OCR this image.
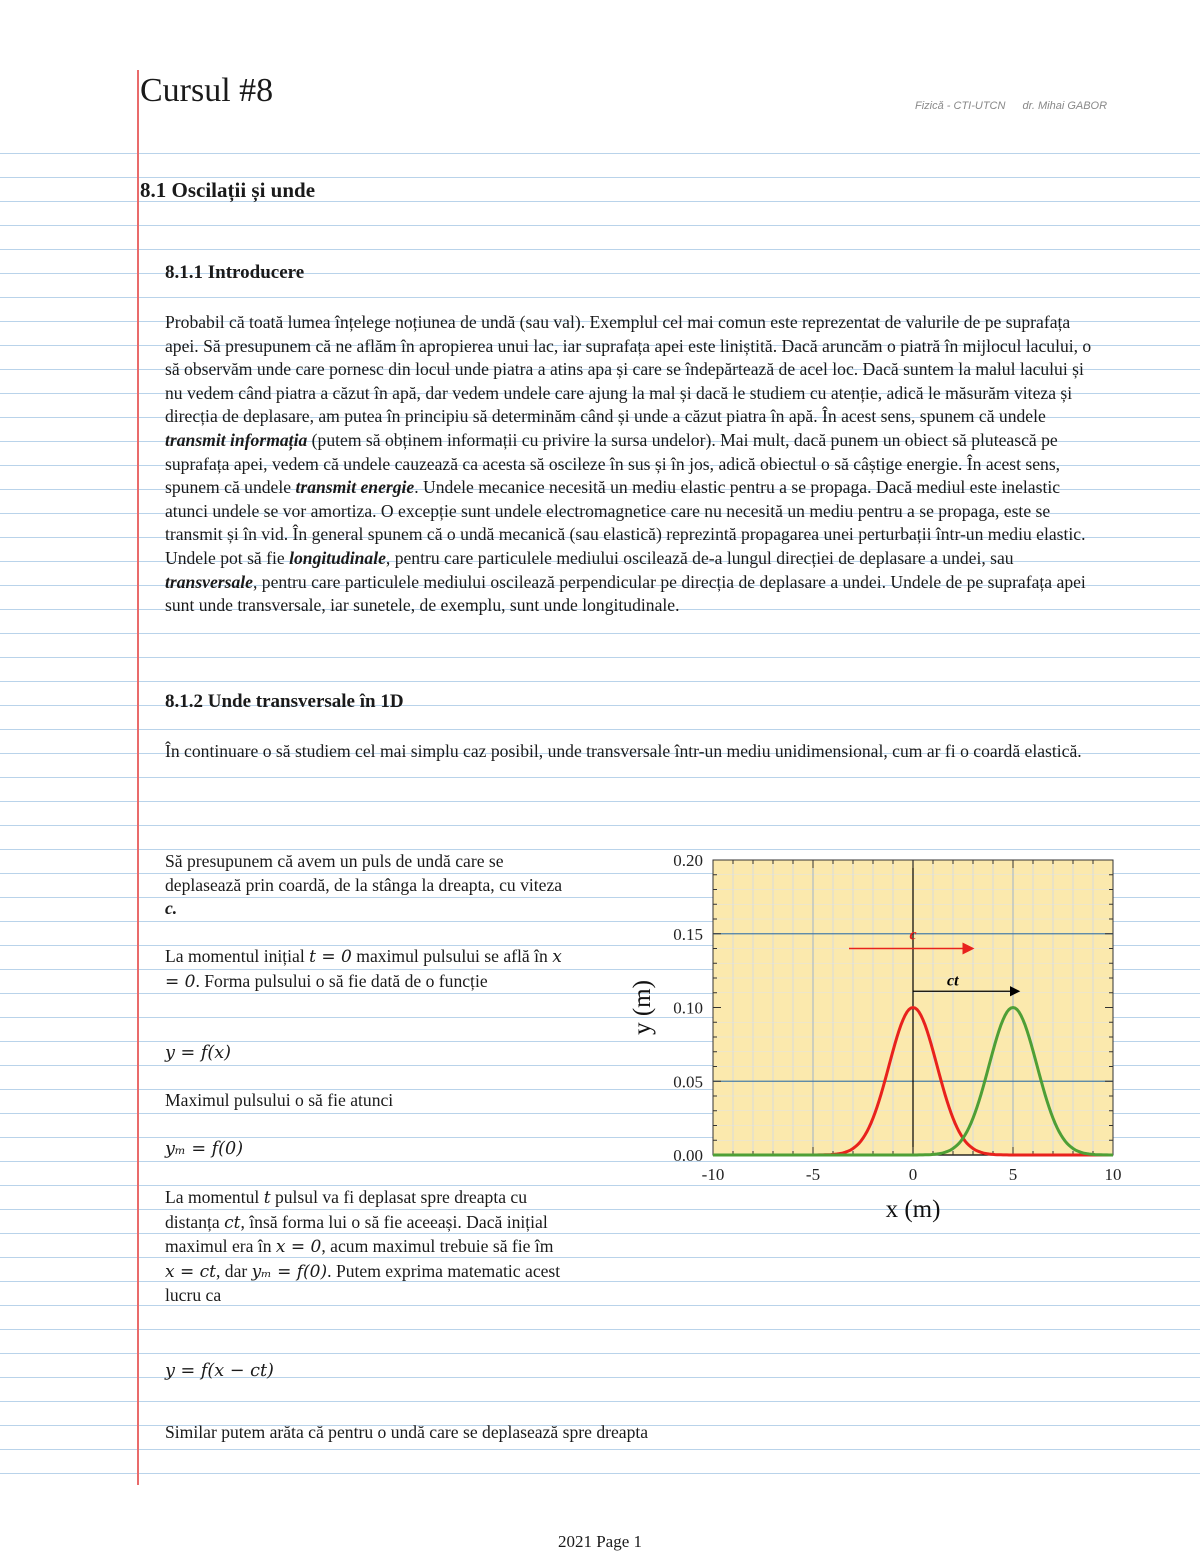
Cursul #8	Fizică - CTI-UTCN dr. Mihai GABOR
8.1 Oscilații și unde
8.1.1 Introducere

Probabil că toată lumea înțelege noțiunea de undă (sau val). Exemplul cel mai comun este reprezentat de valurile de pe suprafața apei. Să presupunem că ne aflăm în apropierea unui lac, iar suprafața apei este liniștită. Dacă aruncăm o piatră în mijlocul lacului, o să observăm unde care pornesc din locul unde piatra a atins apa și care se îndepărtează de acel loc. Dacă suntem la malul lacului și nu vedem când piatra a căzut în apă, dar vedem undele care ajung la mal și dacă le studiem cu atenție, adică le măsurăm viteza și direcția de deplasare, am putea în principiu să determinăm când și unde a căzut piatra în apă. În acest sens, spunem că undele transmit informația (putem să obținem informații cu privire la sursa undelor). Mai mult, dacă punem un obiect să plutească pe suprafața apei, vedem că undele cauzează ca acesta să oscileze în sus și în jos, adică obiectul o să câștige energie. În acest sens, spunem că undele transmit energie. Undele mecanice necesită un mediu elastic pentru a se propaga. Dacă mediul este inelastic atunci undele se vor amortiza. O excepție sunt undele electromagnetice care nu necesită un mediu pentru a se propaga, este se transmit și în vid. În general spunem că o undă mecanică (sau elastică) reprezintă propagarea unei perturbații într-un mediu elastic. Undele pot să fie longitudinale, pentru care particulele mediului oscilează de-a lungul direcției de deplasare a undei, sau transversale, pentru care particulele mediului oscilează perpendicular pe direcția de deplasare a undei. Undele de pe suprafața apei sunt unde transversale, iar sunetele, de exemplu, sunt unde longitudinale.

8.1.2 Unde transversale în 1D

În continuare o să studiem cel mai simplu caz posibil, unde transversale într-un mediu unidimensional, cum ar fi o coardă elastică.

Să presupunem că avem un puls de undă care se deplasează prin coardă, de la stânga la dreapta, cu viteza c.
La momentul inițial t = 0 maximul pulsului se află în x = 0. Forma pulsului o să fie dată de o funcție
y = f(x)
Maximul pulsului o să fie atunci
yₘ = f(0)
La momentul t pulsul va fi deplasat spre dreapta cu distanța ct, însă forma lui o să fie aceeași. Dacă inițial maximul era în x = 0, acum maximul trebuie să fie îm x = ct, dar yₘ = f(0). Putem exprima matematic acest lucru ca
y = f(x − ct)
Similar putem arăta că pentru o undă care se deplasează spre dreapta
-10	-5	0	5	10
0.00
0.05
0.10
0.15
0.20
x (m)
y (m)
c
ct
2021 Page 1
